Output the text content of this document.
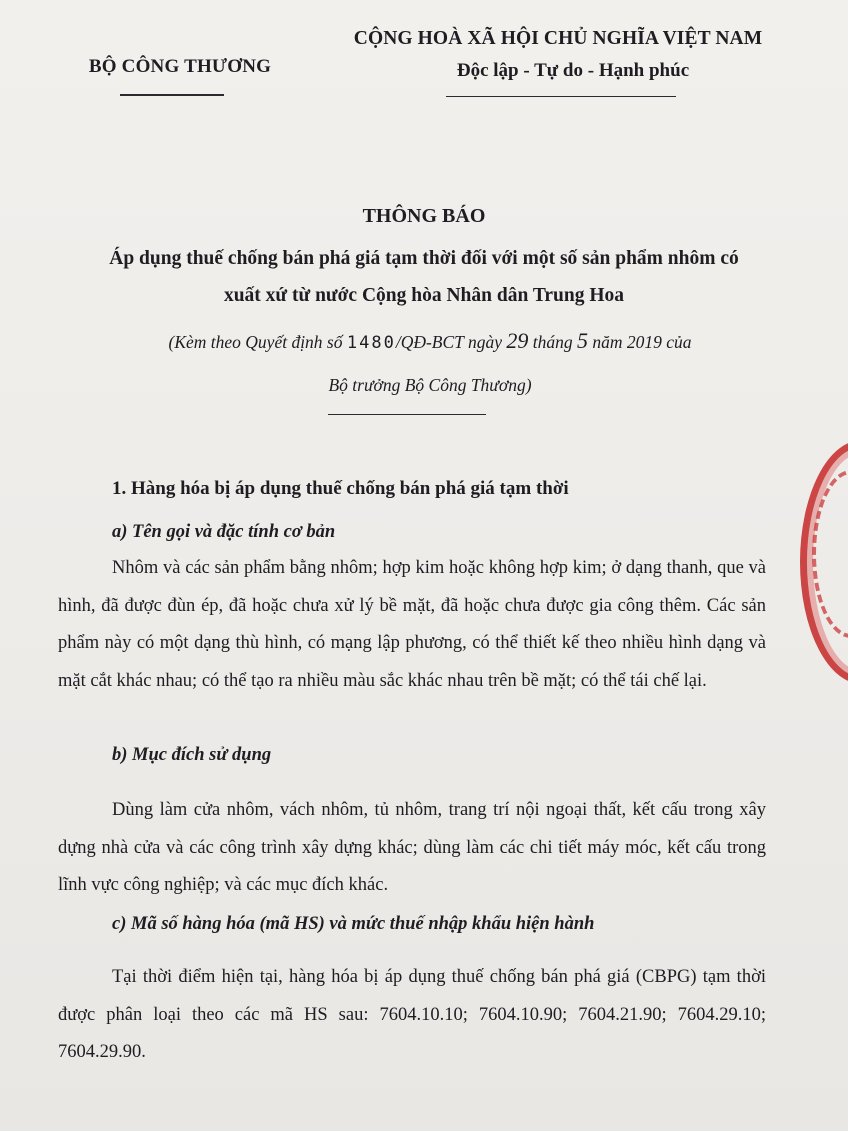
BỘ CÔNG THƯƠNG
CỘNG HOÀ XÃ HỘI CHỦ NGHĨA VIỆT NAM
Độc lập - Tự do - Hạnh phúc
THÔNG BÁO
Áp dụng thuế chống bán phá giá tạm thời đối với một số sản phẩm nhôm có
xuất xứ từ nước Cộng hòa Nhân dân Trung Hoa
(Kèm theo Quyết định số 1480/QĐ-BCT ngày 29 tháng 5 năm 2019 của
Bộ trưởng Bộ Công Thương)
1. Hàng hóa bị áp dụng thuế chống bán phá giá tạm thời
a) Tên gọi và đặc tính cơ bản
Nhôm và các sản phẩm bằng nhôm; hợp kim hoặc không hợp kim; ở dạng thanh, que và hình, đã được đùn ép, đã hoặc chưa xử lý bề mặt, đã hoặc chưa được gia công thêm. Các sản phẩm này có một dạng thù hình, có mạng lập phương, có thể thiết kế theo nhiều hình dạng và mặt cắt khác nhau; có thể tạo ra nhiều màu sắc khác nhau trên bề mặt; có thể tái chế lại.
b) Mục đích sử dụng
Dùng làm cửa nhôm, vách nhôm, tủ nhôm, trang trí nội ngoại thất, kết cấu trong xây dựng nhà cửa và các công trình xây dựng khác; dùng làm các chi tiết máy móc, kết cấu trong lĩnh vực công nghiệp; và các mục đích khác.
c) Mã số hàng hóa (mã HS) và mức thuế nhập khẩu hiện hành
Tại thời điểm hiện tại, hàng hóa bị áp dụng thuế chống bán phá giá (CBPG) tạm thời được phân loại theo các mã HS sau: 7604.10.10; 7604.10.90; 7604.21.90; 7604.29.10; 7604.29.90.
